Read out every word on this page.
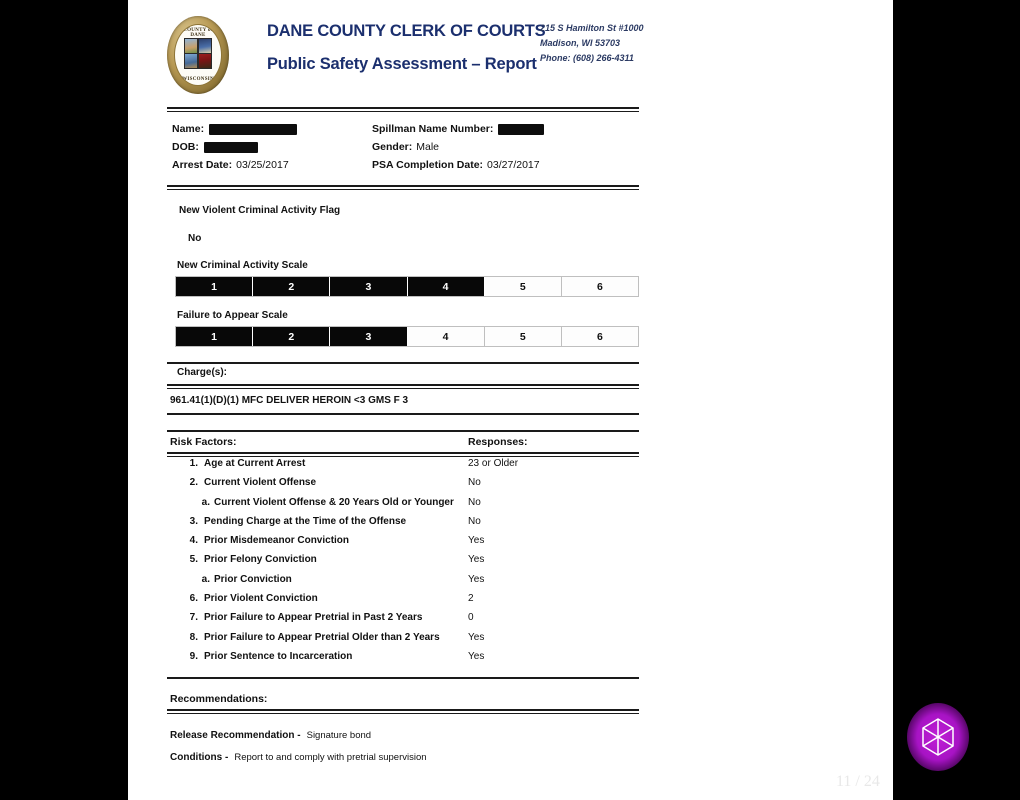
COUNTY of DANE
WISCONSIN
DANE COUNTY CLERK OF COURTS
Public Safety Assessment – Report
215 S Hamilton St #1000
Madison, WI 53703
Phone: (608) 266-4311
Name:	Spillman Name Number:
DOB:	Gender: Male
Arrest Date: 03/25/2017	PSA Completion Date: 03/27/2017
New Violent Criminal Activity Flag
No
New Criminal Activity Scale
1	2	3	4	5	6
Failure to Appear Scale
1	2	3	4	5	6
Charge(s):
961.41(1)(D)(1) MFC DELIVER HEROIN <3 GMS F 3
Risk Factors:	Responses:
1. Age at Current Arrest	23 or Older
2. Current Violent Offense	No
a. Current Violent Offense & 20 Years Old or Younger No
3. Pending Charge at the Time of the Offense	No
4. Prior Misdemeanor Conviction	Yes
5. Prior Felony Conviction	Yes
a. Prior Conviction	Yes
6. Prior Violent Conviction	2
7. Prior Failure to Appear Pretrial in Past 2 Years	0
8. Prior Failure to Appear Pretrial Older than 2 Years	Yes
9. Prior Sentence to Incarceration	Yes
Recommendations:
Release Recommendation - Signature bond
Conditions - Report to and comply with pretrial supervision
11 / 24
